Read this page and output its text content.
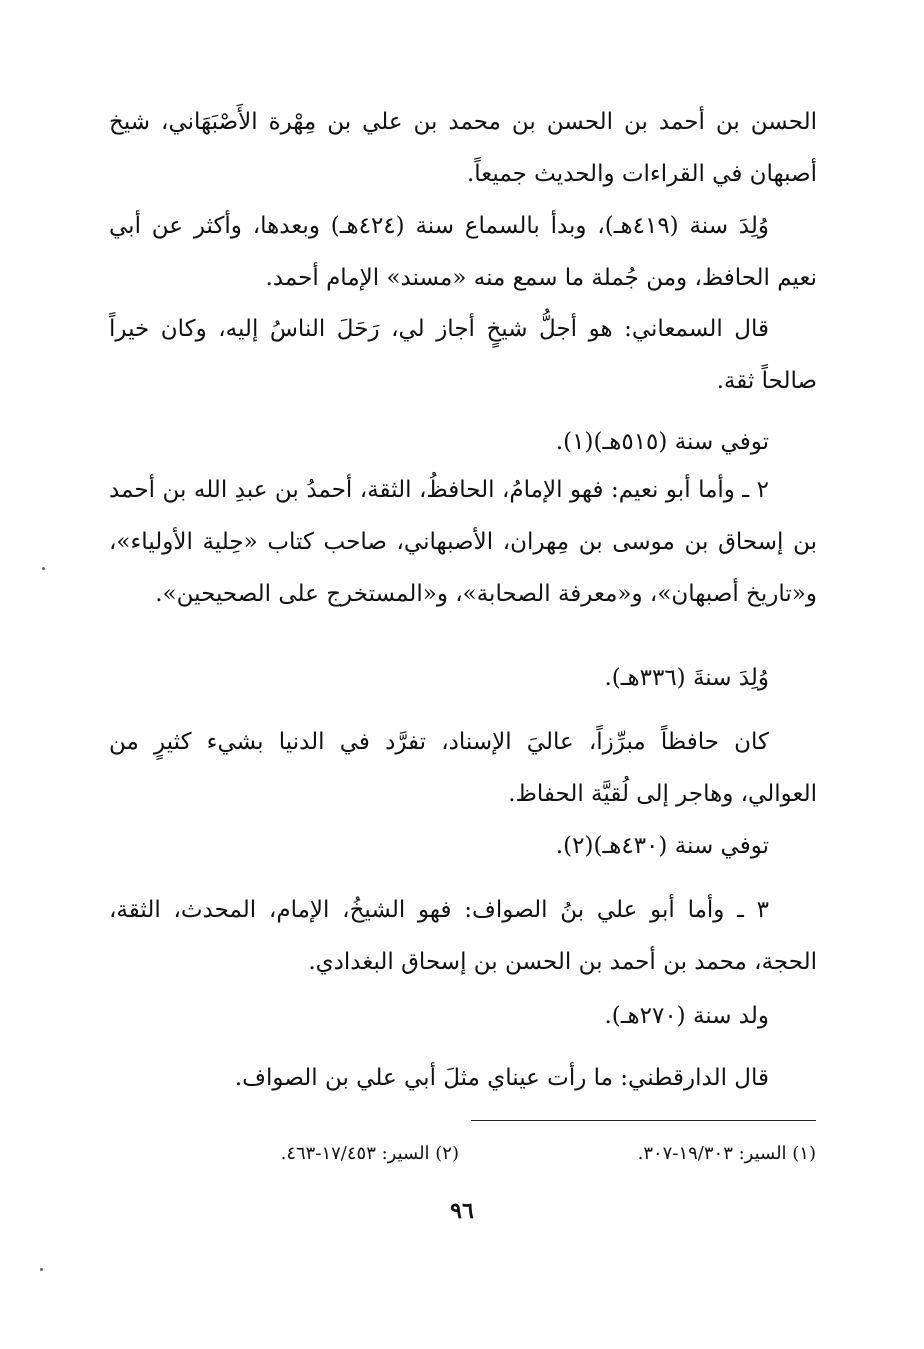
الحسن بن أحمد بن الحسن بن محمد بن علي بن مِهْرة الأَصْبَهَاني، شيخ أصبهان في القراءات والحديث جميعاً.

وُلِدَ سنة (٤١٩هـ)، وبدأ بالسماع سنة (٤٢٤هـ) وبعدها، وأكثر عن أبي نعيم الحافظ، ومن جُملة ما سمع منه «مسند» الإمام أحمد.

قال السمعاني: هو أجلُّ شيخٍ أجاز لي، رَحَلَ الناسُ إليه، وكان خيراً صالحاً ثقة.

توفي سنة (٥١٥هـ)(١).

٢ ـ وأما أبو نعيم: فهو الإمامُ، الحافظُ، الثقة، أحمدُ بن عبدِ الله بن أحمد بن إسحاق بن موسى بن مِهران، الأصبهاني، صاحب كتاب «حِلية الأولياء»، و«تاريخ أصبهان»، و«معرفة الصحابة»، و«المستخرج على الصحيحين».

وُلِدَ سنةَ (٣٣٦هـ).

كان حافظاً مبرِّزاً، عاليَ الإسناد، تفرَّد في الدنيا بشيء كثيرٍ من العوالي، وهاجر إلى لُقيَّة الحفاظ.

توفي سنة (٤٣٠هـ)(٢).

٣ ـ وأما أبو علي بنُ الصواف: فهو الشيخُ، الإمام، المحدث، الثقة، الحجة، محمد بن أحمد بن الحسن بن إسحاق البغدادي.

ولد سنة (٢٧٠هـ).

قال الدارقطني: ما رأت عيناي مثلَ أبي علي بن الصواف.

(١) السير: ١٩/٣٠٣-٣٠٧.
(٢) السير: ١٧/٤٥٣-٤٦٣.
٩٦
